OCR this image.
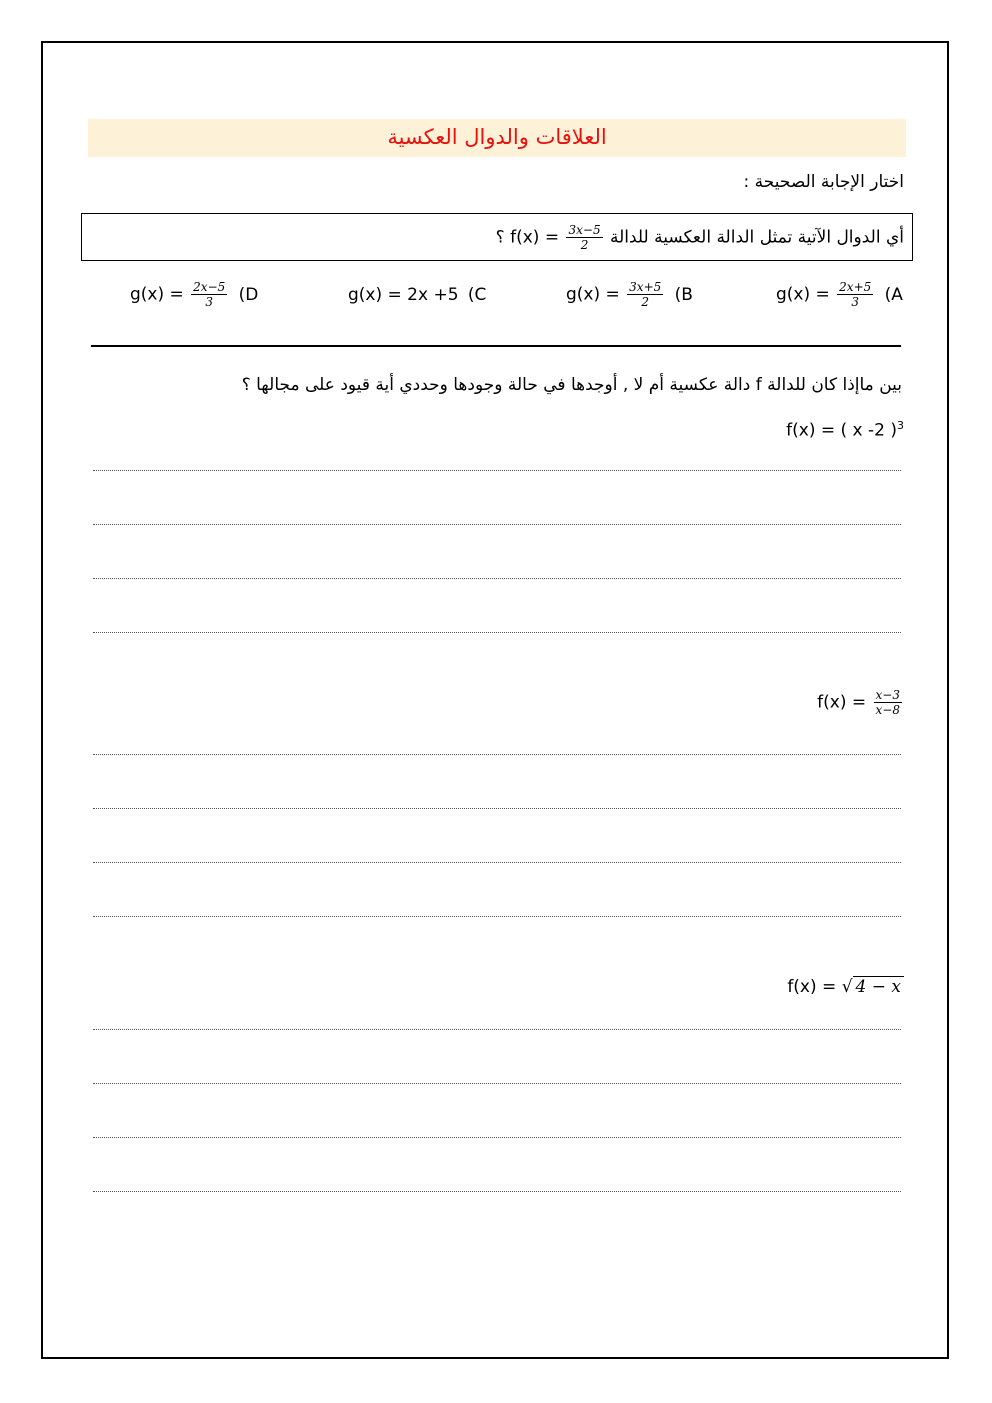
العلاقات والدوال العكسية
اختار الإجابة الصحيحة :
أي الدوال الآتية تمثل الدالة العكسية للدالة $f(x) = \frac{3x-5}{2}$
؟
$g(x) = \frac{2x+5}{3} (A$
$g(x) = \frac{3x+5}{2} (B$
g(x) = 2x +5 (C
$g(x) = \frac{2x-5}{3} (D$
بين ماإذا كان للدالة f دالة عكسية أم لا , أوجدها في حالة وجودها وحددي أية قيود على مجالها ؟
f(x) = ( x -2 )$^3$
$f(x) = \frac{x-3}{x-8}$
f(x) = √ 4 − x
